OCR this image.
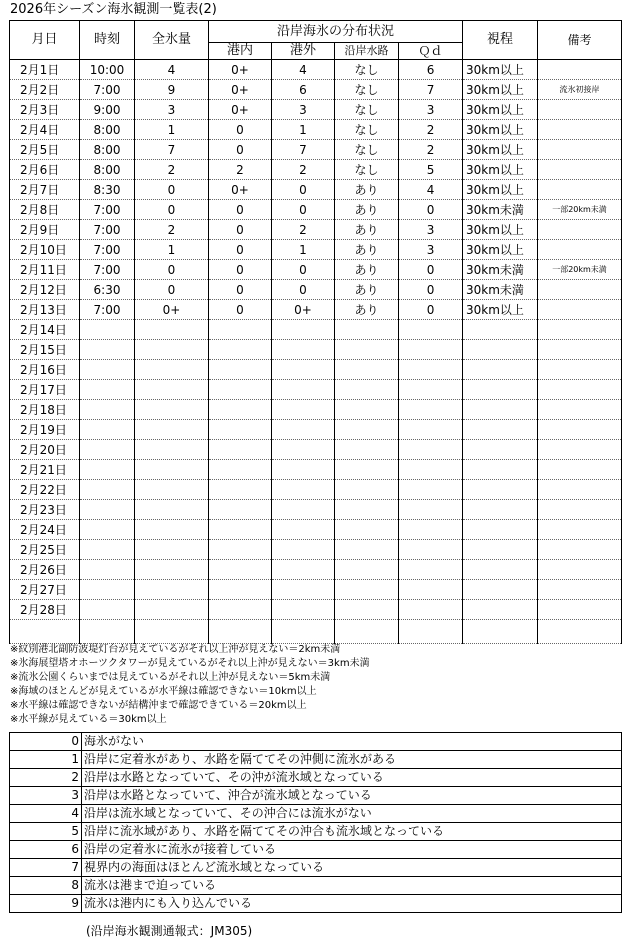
2026年シーズン海氷観測一覧表(2)
月日	時刻	全氷量	沿岸海氷の分布状況				視程	備考
			港内	港外	沿岸水路	Ｑｄ		
2月1日	10:00	4	0+	4	なし	6	30km以上	
2月2日	7:00	9	0+	6	なし	7	30km以上	流氷初接岸
2月3日	9:00	3	0+	3	なし	3	30km以上	
2月4日	8:00	1	0	1	なし	2	30km以上	
2月5日	8:00	7	0	7	なし	2	30km以上	
2月6日	8:00	2	2	2	なし	5	30km以上	
2月7日	8:30	0	0+	0	あり	4	30km以上	
2月8日	7:00	0	0	0	あり	0	30km未満	一部20km未満
2月9日	7:00	2	0	2	あり	3	30km以上	
2月10日	7:00	1	0	1	あり	3	30km以上	
2月11日	7:00	0	0	0	あり	0	30km未満	一部20km未満
2月12日	6:30	0	0	0	あり	0	30km未満	
2月13日	7:00	0+	0	0+	あり	0	30km以上	
2月14日								
2月15日								
2月16日								
2月17日								
2月18日								
2月19日								
2月20日								
2月21日								
2月22日								
2月23日								
2月24日								
2月25日								
2月26日								
2月27日								
2月28日								

※紋別港北副防波堤灯台が見えているがそれ以上沖が見えない＝2km未満
※氷海展望塔オホーツクタワーが見えているがそれ以上沖が見えない＝3km未満
※流氷公園くらいまでは見えているがそれ以上沖が見えない＝5km未満
※海域のほとんどが見えているが水平線は確認できない＝10km以上
※水平線は確認できないが結構沖まで確認できている＝20km以上
※水平線が見えている＝30km以上
0	海氷がない
1	沿岸に定着氷があり、水路を隔ててその沖側に流氷がある
2	沿岸は水路となっていて、その沖が流氷域となっている
3	沿岸は水路となっていて、沖合が流氷域となっている
4	沿岸は流氷域となっていて、その沖合には流氷がない
5	沿岸に流氷域があり、水路を隔ててその沖合も流氷域となっている
6	沿岸の定着氷に流氷が接着している
7	視界内の海面はほとんど流氷域となっている
8	流氷は港まで迫っている
9	流氷は港内にも入り込んでいる
(沿岸海氷観測通報式：JM305)
